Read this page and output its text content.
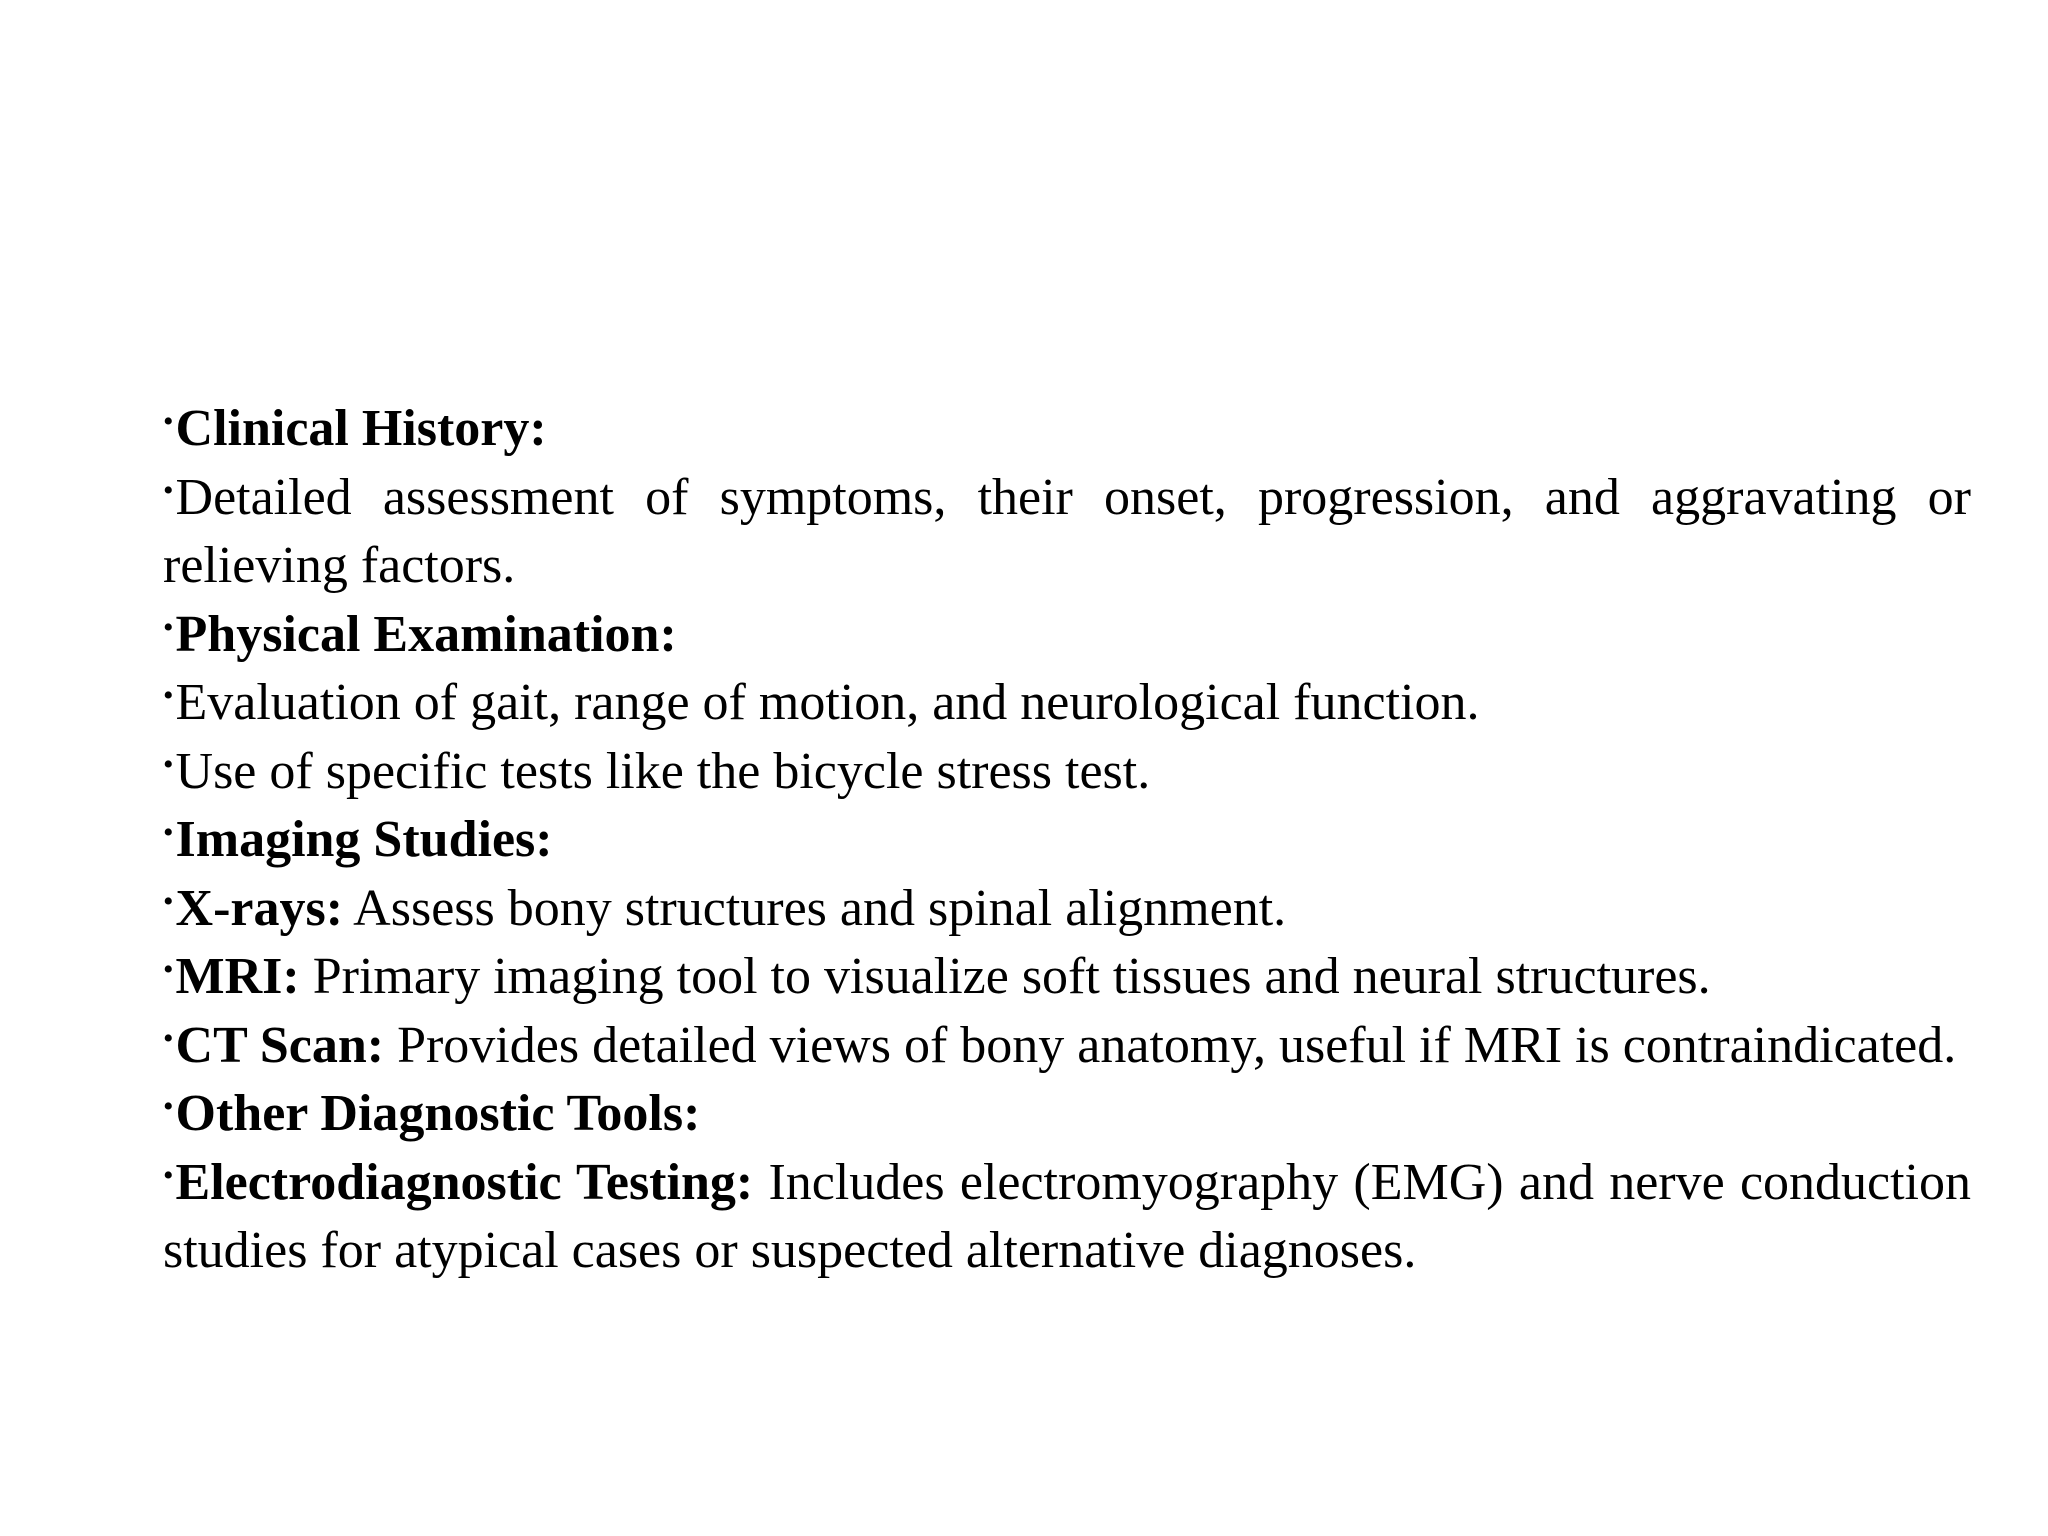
•Clinical History:

•Detailed assessment of symptoms, their onset, progression, and aggravating or relieving factors.

•Physical Examination:

•Evaluation of gait, range of motion, and neurological function.

•Use of specific tests like the bicycle stress test.

•Imaging Studies:

•X-rays: Assess bony structures and spinal alignment.

•MRI: Primary imaging tool to visualize soft tissues and neural structures.

•CT Scan: Provides detailed views of bony anatomy, useful if MRI is contraindicated.

•Other Diagnostic Tools:

•Electrodiagnostic Testing: Includes electromyography (EMG) and nerve conduction studies for atypical cases or suspected alternative diagnoses.
